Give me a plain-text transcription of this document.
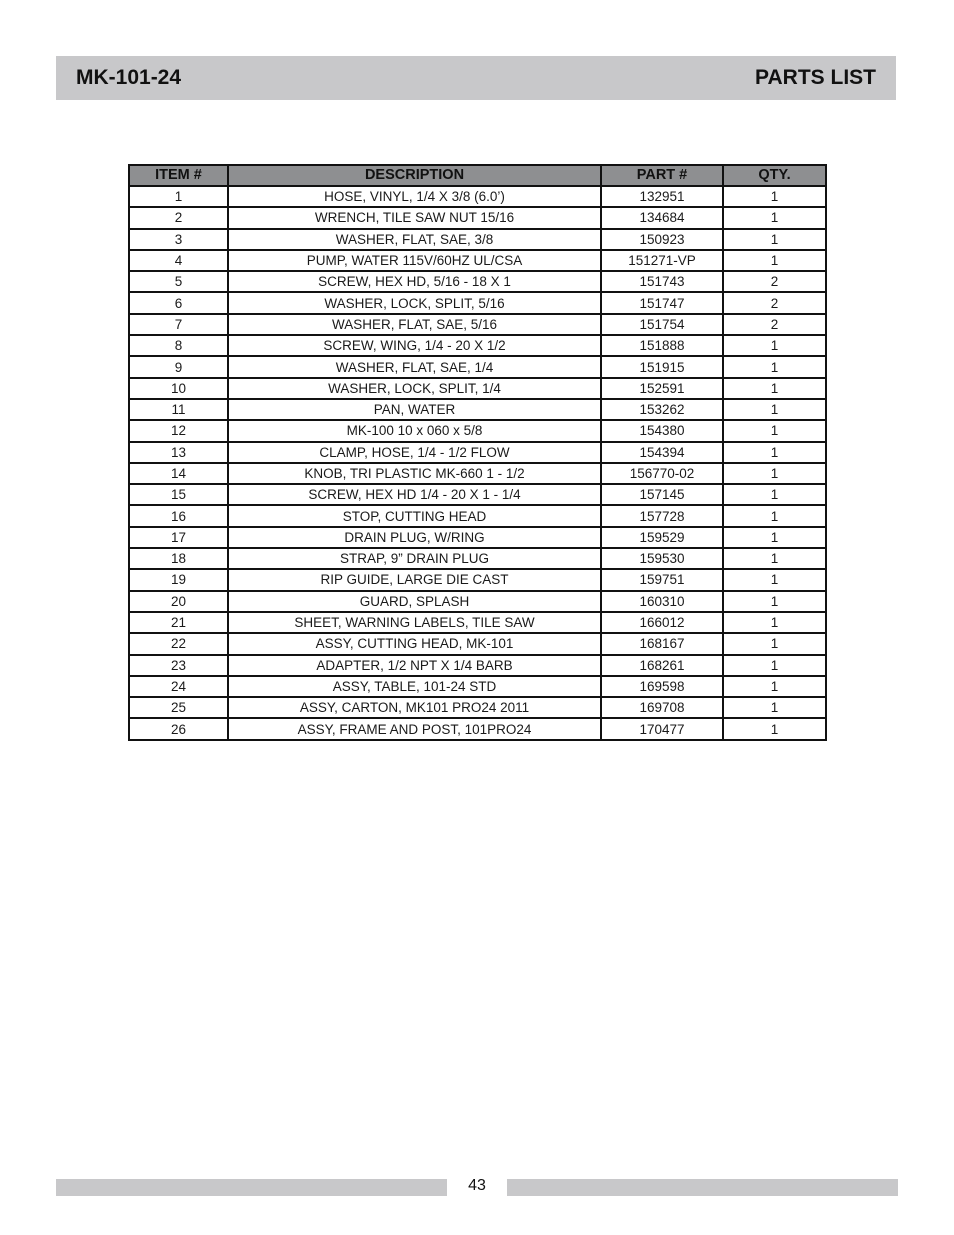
MK-101-24	PARTS LIST
ITEM #	DESCRIPTION	PART #	QTY.
1	HOSE, VINYL, 1/4 X 3/8 (6.0’)	132951	1
2	WRENCH, TILE SAW NUT 15/16	134684	1
3	WASHER, FLAT, SAE, 3/8	150923	1
4	PUMP, WATER 115V/60HZ UL/CSA	151271-VP	1
5	SCREW, HEX HD, 5/16 - 18 X 1	151743	2
6	WASHER, LOCK, SPLIT, 5/16	151747	2
7	WASHER, FLAT, SAE, 5/16	151754	2
8	SCREW, WING, 1/4 - 20 X 1/2	151888	1
9	WASHER, FLAT, SAE, 1/4	151915	1
10	WASHER, LOCK, SPLIT, 1/4	152591	1
11	PAN, WATER	153262	1
12	MK-100 10 x 060 x 5/8	154380	1
13	CLAMP, HOSE, 1/4 - 1/2 FLOW	154394	1
14	KNOB, TRI PLASTIC MK-660 1 - 1/2	156770-02	1
15	SCREW, HEX HD 1/4 - 20 X 1 - 1/4	157145	1
16	STOP, CUTTING HEAD	157728	1
17	DRAIN PLUG, W/RING	159529	1
18	STRAP, 9” DRAIN PLUG	159530	1
19	RIP GUIDE, LARGE DIE CAST	159751	1
20	GUARD, SPLASH	160310	1
21	SHEET, WARNING LABELS, TILE SAW	166012	1
22	ASSY, CUTTING HEAD, MK-101	168167	1
23	ADAPTER, 1/2 NPT X 1/4 BARB	168261	1
24	ASSY, TABLE, 101-24 STD	169598	1
25	ASSY, CARTON, MK101 PRO24 2011	169708	1
26	ASSY, FRAME AND POST, 101PRO24	170477	1
43
